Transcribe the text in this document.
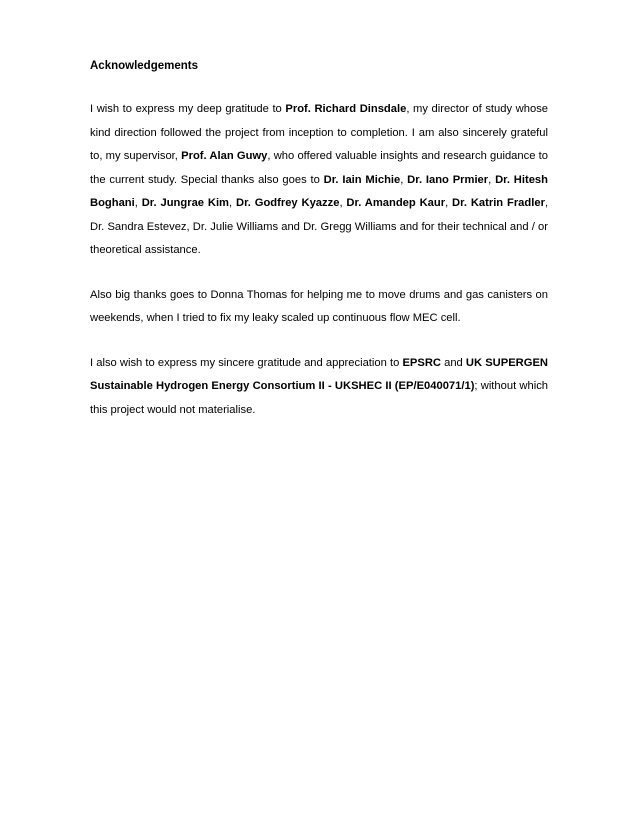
Acknowledgements

I wish to express my deep gratitude to Prof. Richard Dinsdale, my director of study whose kind direction followed the project from inception to completion. I am also sincerely grateful to, my supervisor, Prof. Alan Guwy, who offered valuable insights and research guidance to the current study. Special thanks also goes to Dr. Iain Michie, Dr. Iano Prmier, Dr. Hitesh Boghani, Dr. Jungrae Kim, Dr. Godfrey Kyazze, Dr. Amandep Kaur, Dr. Katrin Fradler, Dr. Sandra Estevez, Dr. Julie Williams and Dr. Gregg Williams and for their technical and / or theoretical assistance.

Also big thanks goes to Donna Thomas for helping me to move drums and gas canisters on weekends, when I tried to fix my leaky scaled up continuous flow MEC cell.

I also wish to express my sincere gratitude and appreciation to EPSRC and UK SUPERGEN Sustainable Hydrogen Energy Consortium II - UKSHEC II (EP/E040071/1); without which this project would not materialise.
